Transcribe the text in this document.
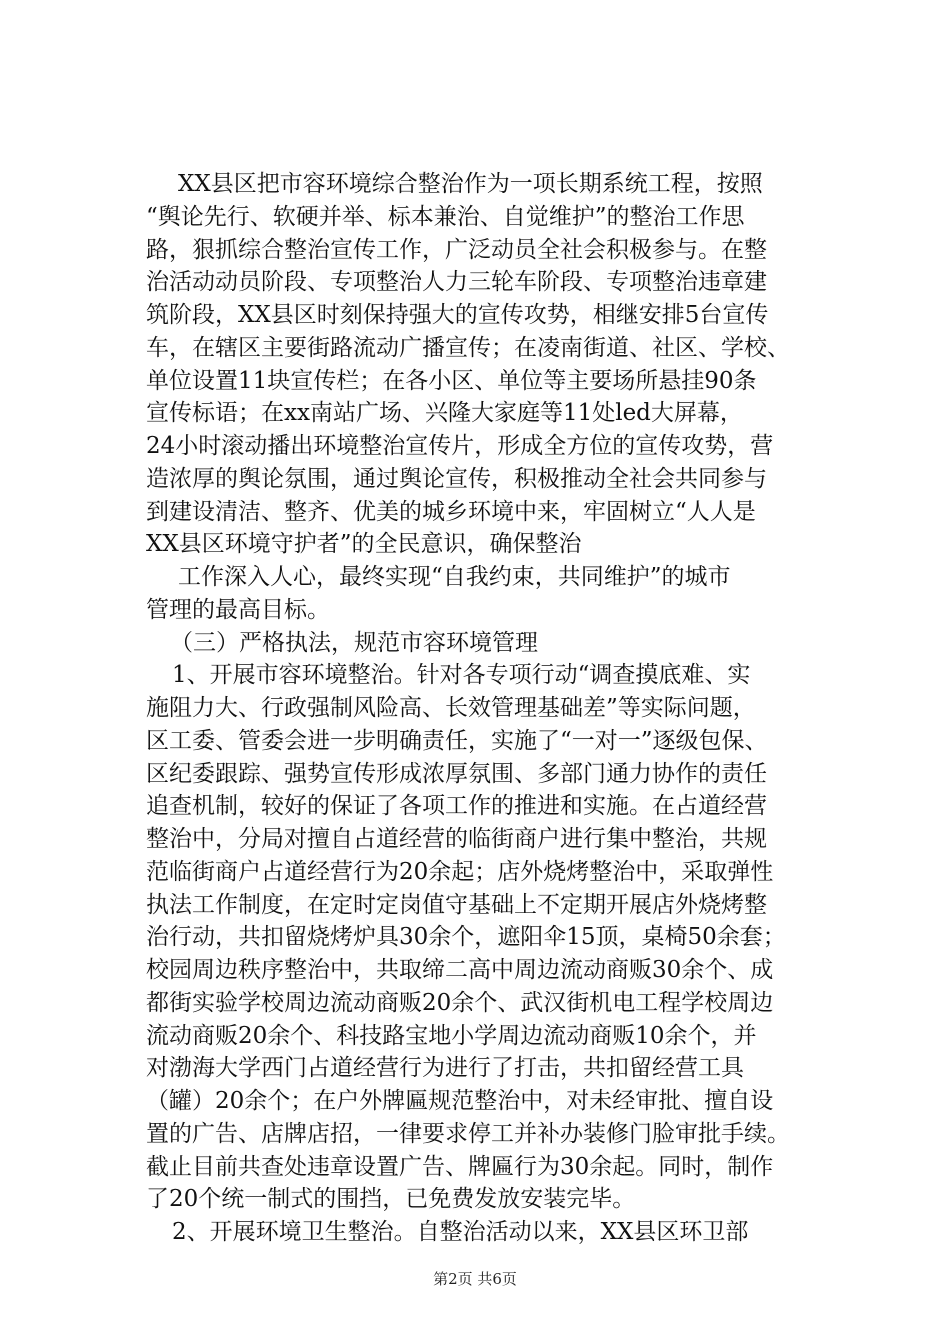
XX县区把市容环境综合整治作为一项长期系统工程，按照
“舆论先行、软硬并举、标本兼治、自觉维护”的整治工作思
路，狠抓综合整治宣传工作，广泛动员全社会积极参与。在整
治活动动员阶段、专项整治人力三轮车阶段、专项整治违章建
筑阶段，XX县区时刻保持强大的宣传攻势，相继安排5台宣传
车，在辖区主要街路流动广播宣传；在凌南街道、社区、学校、
单位设置11块宣传栏；在各小区、单位等主要场所悬挂90条
宣传标语；在xx南站广场、兴隆大家庭等11处led大屏幕，
24小时滚动播出环境整治宣传片，形成全方位的宣传攻势，营
造浓厚的舆论氛围，通过舆论宣传，积极推动全社会共同参与
到建设清洁、整齐、优美的城乡环境中来，牢固树立“人人是
XX县区环境守护者”的全民意识，确保整治
工作深入人心，最终实现“自我约束，共同维护”的城市
管理的最高目标。
（三）严格执法，规范市容环境管理
1、开展市容环境整治。针对各专项行动“调查摸底难、实
施阻力大、行政强制风险高、长效管理基础差”等实际问题，
区工委、管委会进一步明确责任，实施了“一对一”逐级包保、
区纪委跟踪、强势宣传形成浓厚氛围、多部门通力协作的责任
追查机制，较好的保证了各项工作的推进和实施。在占道经营
整治中，分局对擅自占道经营的临街商户进行集中整治，共规
范临街商户占道经营行为20余起；店外烧烤整治中，采取弹性
执法工作制度，在定时定岗值守基础上不定期开展店外烧烤整
治行动，共扣留烧烤炉具30余个，遮阳伞15顶，桌椅50余套；
校园周边秩序整治中，共取缔二高中周边流动商贩30余个、成
都街实验学校周边流动商贩20余个、武汉街机电工程学校周边
流动商贩20余个、科技路宝地小学周边流动商贩10余个，并
对渤海大学西门占道经营行为进行了打击，共扣留经营工具
（罐）20余个；在户外牌匾规范整治中，对未经审批、擅自设
置的广告、店牌店招，一律要求停工并补办装修门脸审批手续。
截止目前共查处违章设置广告、牌匾行为30余起。同时，制作
了20个统一制式的围挡，已免费发放安装完毕。
2、开展环境卫生整治。自整治活动以来，XX县区环卫部
第2页 共6页
